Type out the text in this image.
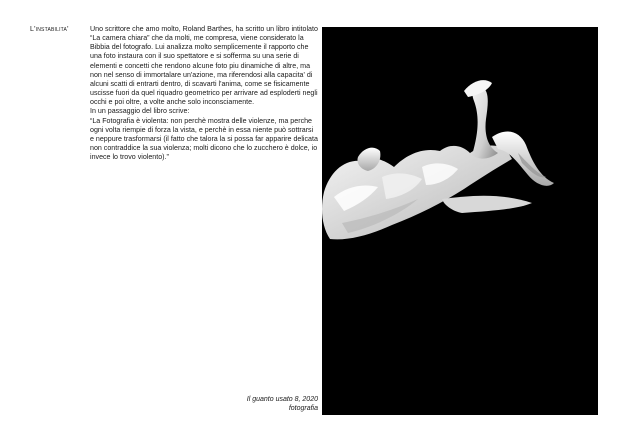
L'instabilita'	Uno scrittore che amo molto, Roland Barthes, ha scritto un libro intitolato “La camera chiara” che da molti, me compresa, viene considerato la Bibbia del fotografo. Lui analizza molto semplicemente il rapporto che una foto instaura con il suo spettatore e si sofferma su una serie di elementi e concetti che rendono alcune foto piu dinamiche di altre, ma non nel senso di immortalare un'azione, ma riferendosi alla capacita' di alcuni scatti di entrarti dentro, di scavarti l'anima, come se fisicamente uscisse fuori da quel riquadro geometrico per arrivare ad esploderti negli occhi e poi oltre, a volte anche solo inconsciamente.

In un passaggio del libro scrive:

“La Fotografia è violenta: non perchè mostra delle violenze, ma perche ogni volta riempie di forza la vista, e perchè in essa niente può sottrarsi e neppure trasformarsi (il fatto che talora la si possa far apparire delicata non contraddice la sua violenza; molti dicono che lo zucchero è dolce, io invece lo trovo violento).”

Il guanto usato 8, 2020
fotografia
